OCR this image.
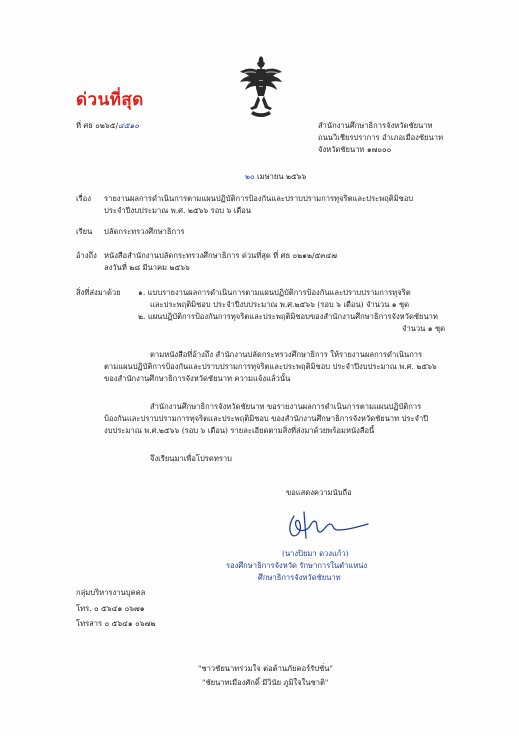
ด่วนที่สุด
ที่ ศธ ๐๒๖๕/๔๕๑๐	สำนักงานศึกษาธิการจังหวัดชัยนาท
ถนนวิเชียรปราการ อำเภอเมืองชัยนาท
จังหวัดชัยนาท ๑๗๐๐๐
๒๐ เมษายน ๒๕๖๖
เรื่อง รายงานผลการดำเนินการตามแผนปฏิบัติการป้องกันและปราบปรามการทุจริตและประพฤติมิชอบ
ประจำปีงบประมาณ พ.ศ. ๒๕๖๖ รอบ ๖ เดือน
เรียน ปลัดกระทรวงศึกษาธิการ
อ้างถึง หนังสือสำนักงานปลัดกระทรวงศึกษาธิการ ด่วนที่สุด ที่ ศธ ๐๒๑๒/๕๓๔๗
ลงวันที่ ๒๘ มีนาคม ๒๕๖๖
สิ่งที่ส่งมาด้วย ๑. แบบรายงานผลการดำเนินการตามแผนปฏิบัติการป้องกันและปราบปรามการทุจริต
และประพฤติมิชอบ ประจำปีงบประมาณ พ.ศ.๒๕๖๖ (รอบ ๖ เดือน) จำนวน ๑ ชุด
๒. แผนปฏิบัติการป้องกันการทุจริตและประพฤติมิชอบของสำนักงานศึกษาธิการจังหวัดชัยนาท
จำนวน ๑ ชุด
ตามหนังสือที่อ้างถึง สำนักงานปลัดกระทรวงศึกษาธิการ ให้รายงานผลการดำเนินการ
ตามแผนปฏิบัติการป้องกันและปราบปรามการทุจริตและประพฤติมิชอบ ประจำปีงบประมาณ พ.ศ. ๒๕๖๖
ของสำนักงานศึกษาธิการจังหวัดชัยนาท ความแจ้งแล้วนั้น
สำนักงานศึกษาธิการจังหวัดชัยนาท ขอรายงานผลการดำเนินการตามแผนปฏิบัติการ
ป้องกันและปราบปรามการทุจริตและประพฤติมิชอบ ของสำนักงานศึกษาธิการจังหวัดชัยนาท ประจำปี
งบประมาณ พ.ศ.๒๕๖๖ (รอบ ๖ เดือน) รายละเอียดตามสิ่งที่ส่งมาด้วยพร้อมหนังสือนี้
จึงเรียนมาเพื่อโปรดทราบ
ขอแสดงความนับถือ
(นางปิยมา ดวงแก้ว)
รองศึกษาธิการจังหวัด รักษาการในตำแหน่ง
ศึกษาธิการจังหวัดชัยนาท
กลุ่มบริหารงานบุคคล
โทร. ๐ ๕๖๔๑ ๐๖๗๑
โทรสาร ๐ ๕๖๔๑ ๐๖๗๒
"ชาวชัยนาทร่วมใจ ต่อต้านภัยคอร์รัปชั่น"
"ชัยนาทเมืองศักดิ์ มีวินัย ภูมิใจในชาติ"
